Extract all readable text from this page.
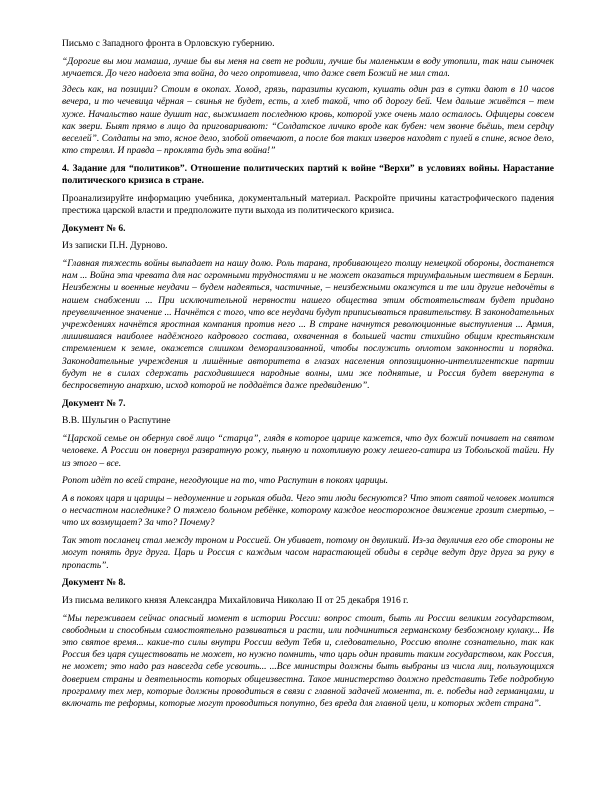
Письмо с Западного фронта в Орловскую губернию.

“Дорогие вы мои мамаша, лучше бы вы меня на свет не родили, лучше бы маленьким в воду утопили, так наш сыночек мучается. До чего надоела эта война, до чего опротивела, что даже свет Божий не мил стал.

Здесь как, на позиции? Стоим в окопах. Холод, грязь, паразиты кусают, кушать один раз в сутки дают в 10 часов вечера, и то чечевица чёрная – свинья не будет, есть, а хлеб такой, что об дорогу бей. Чем дальше живётся – тем хуже. Начальство наше душит нас, выжимает последнюю кровь, которой уже очень мало осталось. Офицеры совсем как звери. Быят прямо в лицо да приговаривают: “Солдатское личико вроде как бубен: чем звонче бьёшь, тем сердцу веселей”. Солдаты на это, ясное дело, злобой отвечают, а после боя таких изверов находят с пулей в спине, ясное дело, кто стрелял. И правда – проклята будь эта война!”

4. Задание для “политиков”. Отношение политических партий к войне “Верхи” в условиях войны. Нарастание политического кризиса в стране.

Проанализируйте информацию учебника, документальный материал. Раскройте причины катастрофического падения престижа царской власти и предположите пути выхода из политического кризиса.

Документ № 6.

Из записки П.Н. Дурново.

“Главная тяжесть войны выпадает на нашу долю. Роль тарана, пробивающего толщу немецкой обороны, достанется нам ... Война эта чревата для нас огромными трудностями и не может оказаться триумфальным шествием в Берлин. Неизбежны и военные неудачи – будем надеяться, частичные, – неизбежными окажутся и те или другие недочёты в нашем снабжении ... При исключительной нервности нашего общества этим обстоятельствам будет придано преувеличенное значение ... Начнётся с того, что все неудачи будут приписываться правительству. В законодательных учреждениях начнётся яростная компания против него ... В стране начнутся революционные выступления ... Армия, лишившаяся наиболее надёжного кадрового состава, охваченная в большей части стихийно общим крестьянским стремлением к земле, окажется слишком деморализованной, чтобы послужить оплотом законности и порядка. Законодательные учреждения и лишённые авторитета в глазах населения оппозиционно-интеллигентские партии будут не в силах сдержать расходившиеся народные волны, ими же поднятые, и Россия будет ввергнута в беспросветную анархию, исход которой не поддаётся даже предвидению”.

Документ № 7.

В.В. Шульгин о Распутине

“Царской семье он обернул своё лицо “старца”, глядя в которое царице кажется, что дух божий почивает на святом человеке. А России он повернул развратную рожу, пьяную и похотливую рожу лешего-сатира из Тобольской тайги. Ну из этого – все.

Ропот идёт по всей стране, негодующие на то, что Распутин в покоях царицы.

А в покоях царя и царицы – недоуменние и горькая обида. Чего эти люди беснуются? Что этот святой человек молится о несчастном наследнике? О тяжело больном ребёнке, которому каждое неосторожное движение грозит смертью, – что их возмущает? За что? Почему?

Так этот посланец стал между троном и Россией. Он убивает, потому он двуликий. Из-за двуличия его обе стороны не могут понять друг друга. Царь и Россия с каждым часом нарастающей обиды в сердце ведут друг друга за руку в пропасть”.

Документ № 8.

Из письма великого князя Александра Михайловича Николаю II от 25 декабря 1916 г.

“Мы переживаем сейчас опасный момент в истории России: вопрос стоит, быть ли России великим государством, свободным и способным самостоятельно развиваться и расти, или подчиниться германскому безбожному кулаку... Ив это святое время... какие-то силы внутри России ведут Тебя и, следовательно, Россию вполне сознательно, так как Россия без царя существовать не может, но нужно помнить, что царь один править таким государством, как Россия, не может; это надо раз навсегда себе усвоить... ...Все министры должны быть выбраны из числа лиц, пользующихся доверием страны и деятельность которых общеизвестна. Такое министерство должно представить Тебе подробную программу тех мер, которые должны проводиться в связи с главной задачей момента, т. е. победы над германцами, и включать те реформы, которые могут проводиться попутно, без вреда для главной цели, и которых ждет страна”.
